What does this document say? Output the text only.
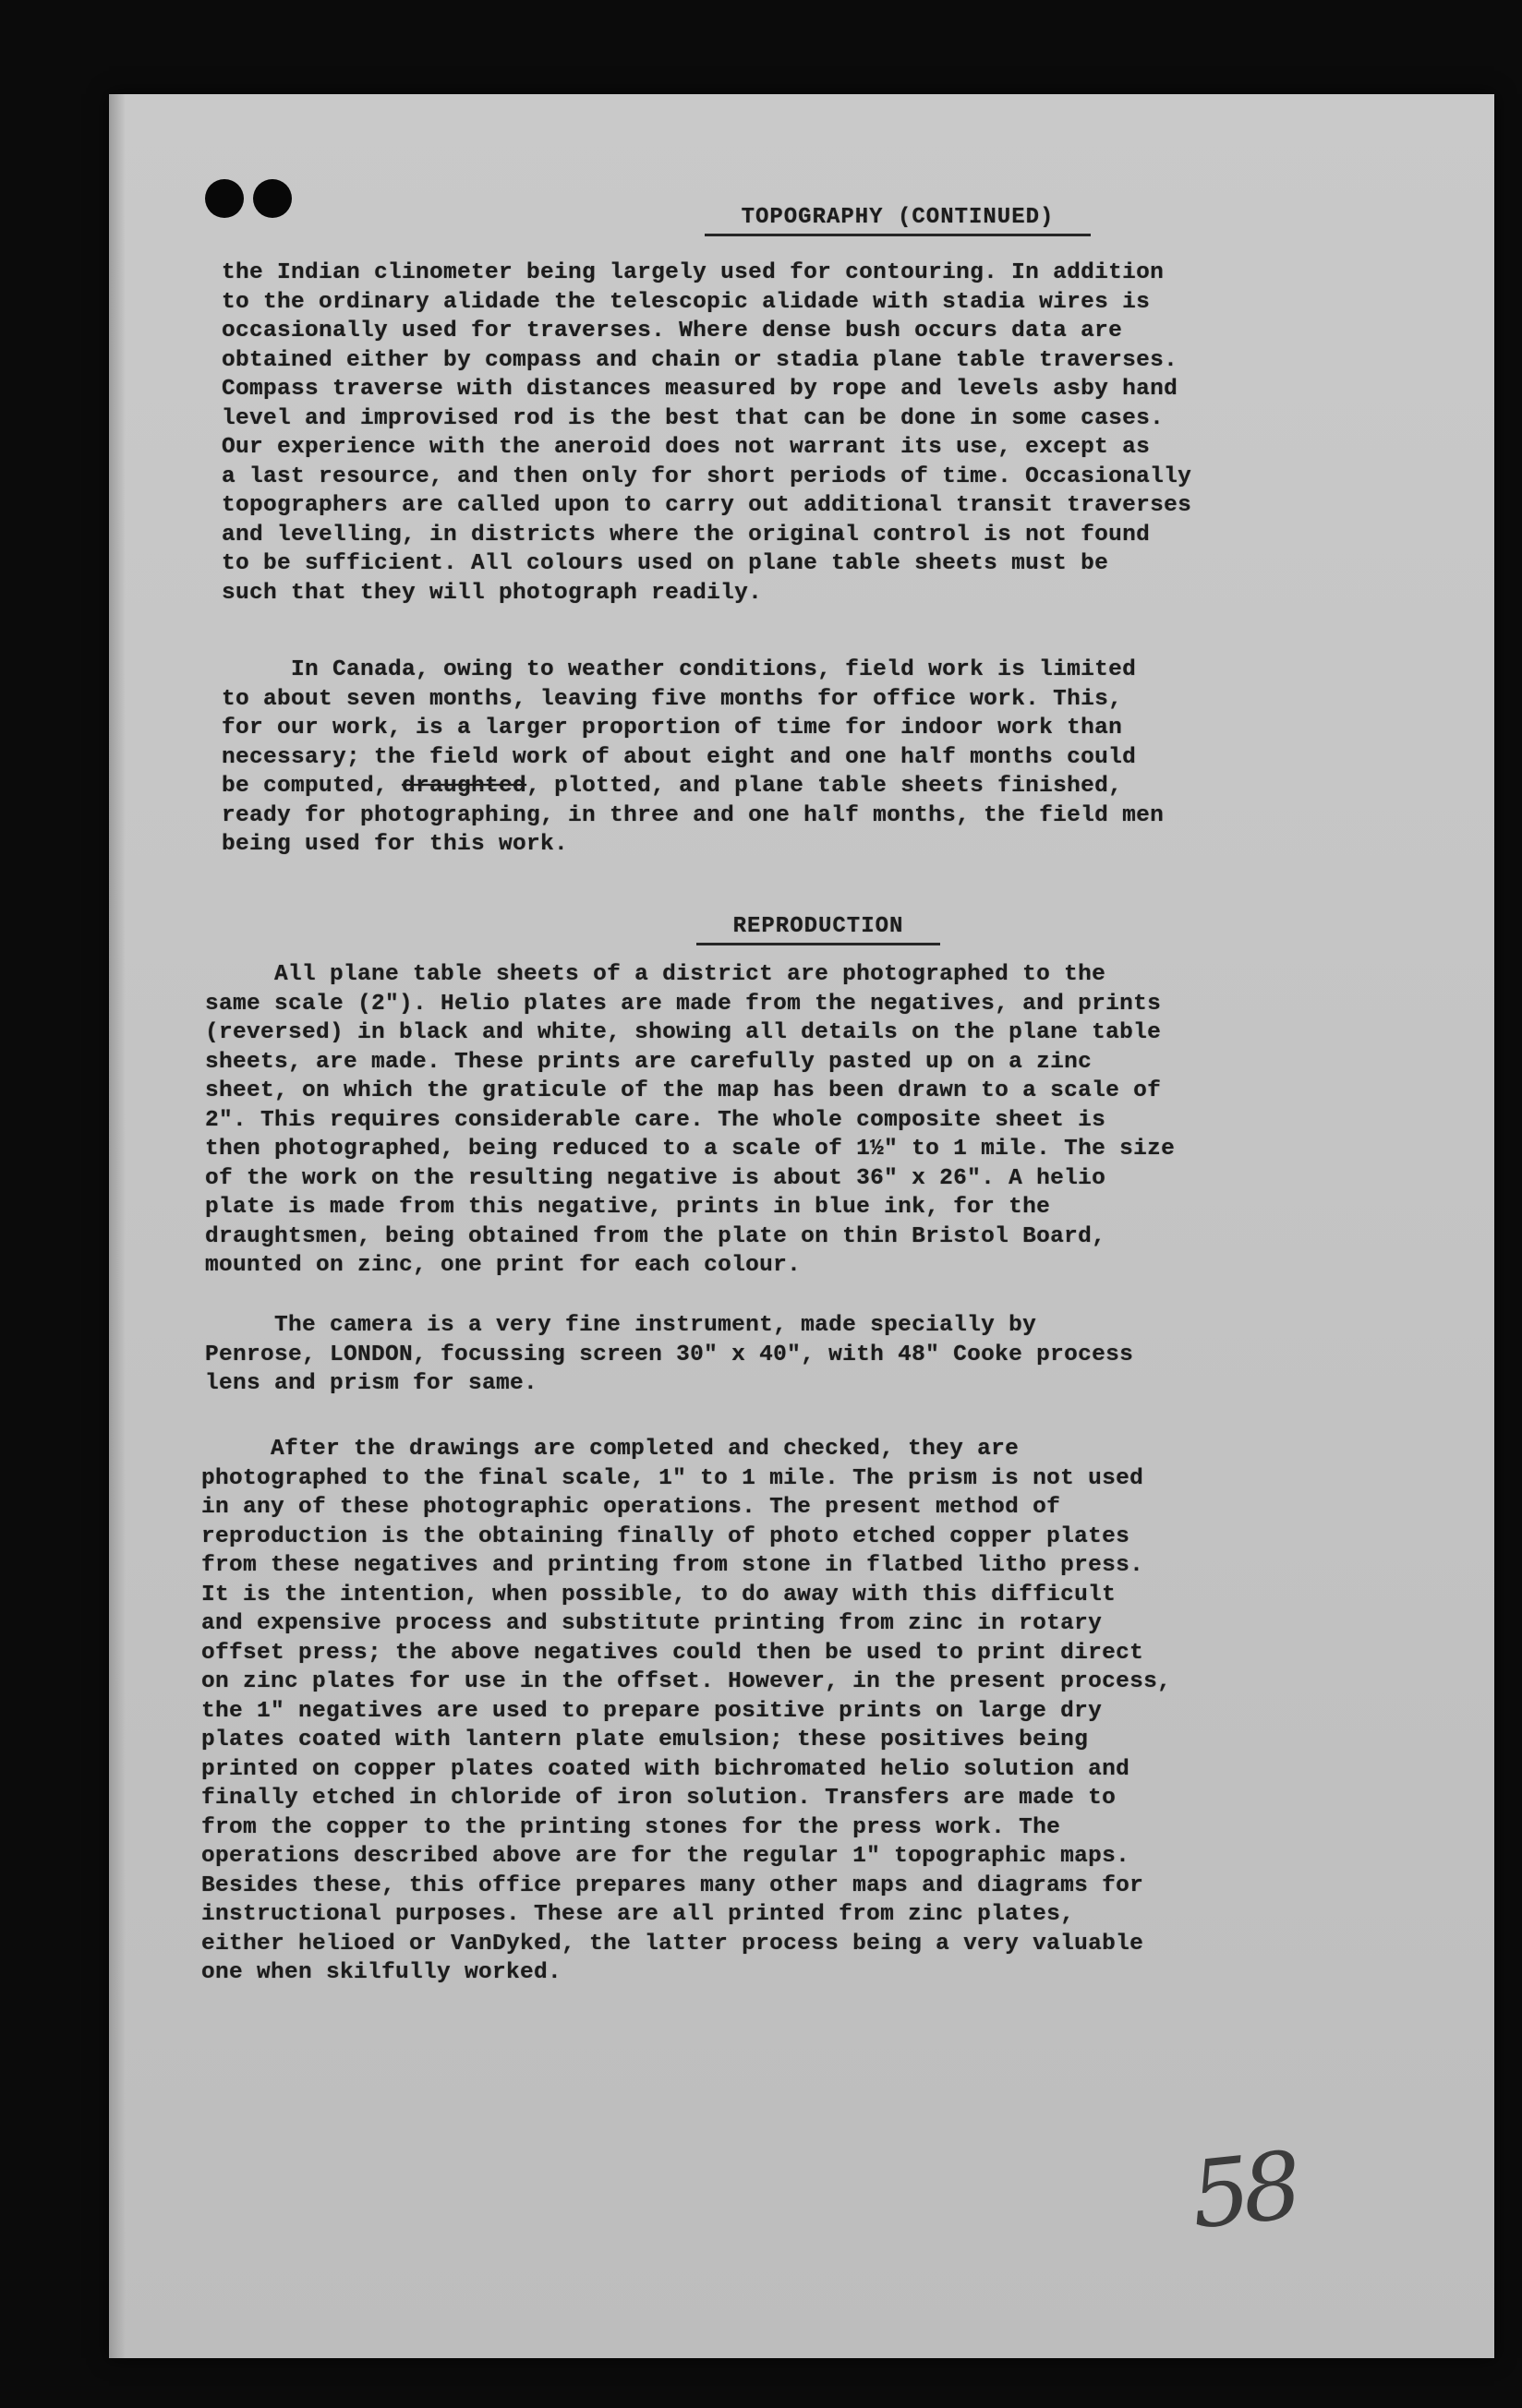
TOPOGRAPHY (CONTINUED)

the Indian clinometer being largely used for contouring. In addition
to the ordinary alidade the telescopic alidade with stadia wires is
occasionally used for traverses. Where dense bush occurs data are
obtained either by compass and chain or stadia plane table traverses.
Compass traverse with distances measured by rope and levels asby hand
level and improvised rod is the best that can be done in some cases.
Our experience with the aneroid does not warrant its use, except as
a last resource, and then only for short periods of time. Occasionally
topographers are called upon to carry out additional transit traverses
and levelling, in districts where the original control is not found
to be sufficient. All colours used on plane table sheets must be
such that they will photograph readily.

In Canada, owing to weather conditions, field work is limited
to about seven months, leaving five months for office work. This,
for our work, is a larger proportion of time for indoor work than
necessary; the field work of about eight and one half months could
be computed, draughted, plotted, and plane table sheets finished,
ready for photographing, in three and one half months, the field men
being used for this work.

REPRODUCTION

All plane table sheets of a district are photographed to the
same scale (2"). Helio plates are made from the negatives, and prints
(reversed) in black and white, showing all details on the plane table
sheets, are made. These prints are carefully pasted up on a zinc
sheet, on which the graticule of the map has been drawn to a scale of
2". This requires considerable care. The whole composite sheet is
then photographed, being reduced to a scale of 1½" to 1 mile. The size
of the work on the resulting negative is about 36" x 26". A helio
plate is made from this negative, prints in blue ink, for the
draughtsmen, being obtained from the plate on thin Bristol Board,
mounted on zinc, one print for each colour.

The camera is a very fine instrument, made specially by
Penrose, LONDON, focussing screen 30" x 40", with 48" Cooke process
lens and prism for same.

After the drawings are completed and checked, they are
photographed to the final scale, 1" to 1 mile. The prism is not used
in any of these photographic operations. The present method of
reproduction is the obtaining finally of photo etched copper plates
from these negatives and printing from stone in flatbed litho press.
It is the intention, when possible, to do away with this difficult
and expensive process and substitute printing from zinc in rotary
offset press; the above negatives could then be used to print direct
on zinc plates for use in the offset. However, in the present process,
the 1" negatives are used to prepare positive prints on large dry
plates coated with lantern plate emulsion; these positives being
printed on copper plates coated with bichromated helio solution and
finally etched in chloride of iron solution. Transfers are made to
from the copper to the printing stones for the press work. The
operations described above are for the regular 1" topographic maps.
Besides these, this office prepares many other maps and diagrams for
instructional purposes. These are all printed from zinc plates,
either helioed or VanDyked, the latter process being a very valuable
one when skilfully worked.

58
